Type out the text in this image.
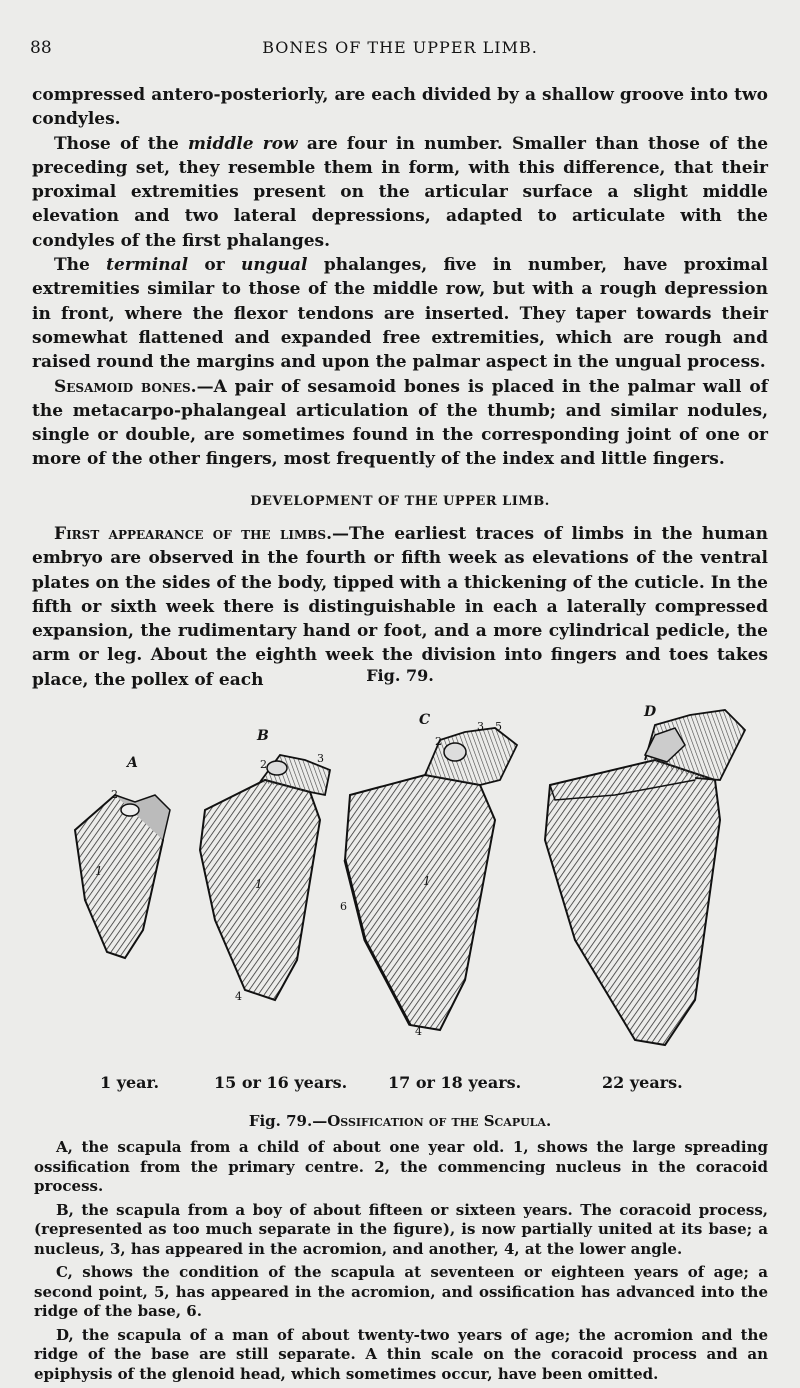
88	BONES OF THE UPPER LIMB.

compressed antero-posteriorly, are each divided by a shallow groove into two condyles.

Those of the middle row are four in number. Smaller than those of the preceding set, they resemble them in form, with this difference, that their proximal extremities present on the articular surface a slight middle elevation and two lateral depressions, adapted to articulate with the condyles of the first phalanges.

The terminal or ungual phalanges, five in number, have proximal extremities similar to those of the middle row, but with a rough depression in front, where the flexor tendons are inserted. They taper towards their somewhat flattened and expanded free extremities, which are rough and raised round the margins and upon the palmar aspect in the ungual process.

Sesamoid bones.—A pair of sesamoid bones is placed in the palmar wall of the metacarpo-phalangeal articulation of the thumb; and similar nodules, single or double, are sometimes found in the corresponding joint of one or more of the other fingers, most frequently of the index and little fingers.

DEVELOPMENT OF THE UPPER LIMB.

First appearance of the limbs.—The earliest traces of limbs in the human embryo are observed in the fourth or fifth week as elevations of the ventral plates on the sides of the body, tipped with a thickening of the cuticle. In the fifth or sixth week there is distinguishable in each a laterally compressed expansion, the rudimentary hand or foot, and a more cylindrical pedicle, the arm or leg. About the eighth week the division into fingers and toes takes place, the pollex of each	Fig. 79.
1
2
1
2	3
4
1
2
3 5
6
4
A
B
C	D
1 year.	15 or 16 years.	17 or 18 years.	22 years.
Fig. 79.—Ossification of the Scapula.

A, the scapula from a child of about one year old. 1, shows the large spreading ossification from the primary centre. 2, the commencing nucleus in the coracoid process.

B, the scapula from a boy of about fifteen or sixteen years. The coracoid process, (represented as too much separate in the figure), is now partially united at its base; a nucleus, 3, has appeared in the acromion, and another, 4, at the lower angle.

C, shows the condition of the scapula at seventeen or eighteen years of age; a second point, 5, has appeared in the acromion, and ossification has advanced into the ridge of the base, 6.

D, the scapula of a man of about twenty-two years of age; the acromion and the ridge of the base are still separate. A thin scale on the coracoid process and an epiphysis of the glenoid head, which sometimes occur, have been omitted.
